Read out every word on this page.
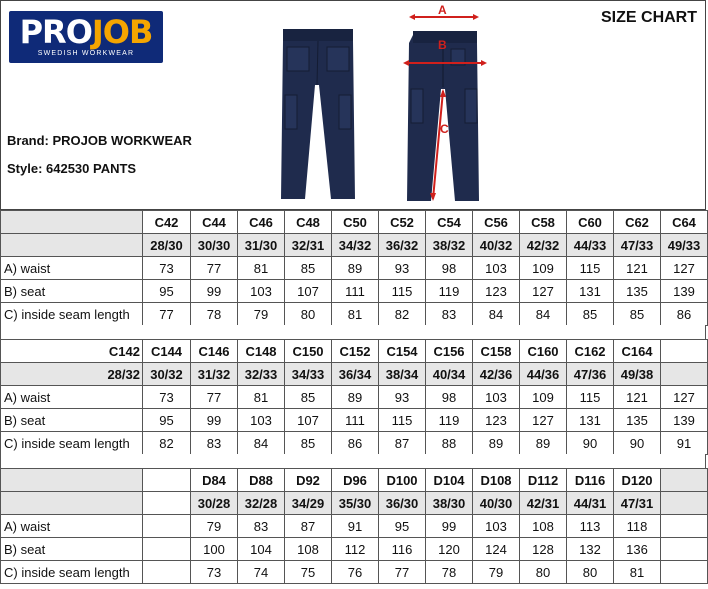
PROJOB
SWEDISH WORKWEAR
A
B
C
SIZE CHART
Brand: PROJOB WORKWEAR
Style: 642530 PANTS
	C42	C44	C46	C48	C50	C52	C54	C56	C58	C60	C62	C64
	28/30	30/30	31/30	32/31	34/32	36/32	38/32	40/32	42/32	44/33	47/33	49/33
A) waist	73	77	81	85	89	93	98	103	109	115	121	127
B) seat	95	99	103	107	111	115	119	123	127	131	135	139
C) inside seam length	77	78	79	80	81	82	83	84	84	85	85	86
C142	C144	C146	C148	C150	C152	C154	C156	C158	C160	C162	C164	
28/32	30/32	31/32	32/33	34/33	36/34	38/34	40/34	42/36	44/36	47/36	49/38	
A) waist	73	77	81	85	89	93	98	103	109	115	121	127
B) seat	95	99	103	107	111	115	119	123	127	131	135	139
C) inside seam length	82	83	84	85	86	87	88	89	89	90	90	91
		D84	D88	D92	D96	D100	D104	D108	D112	D116	D120	
		30/28	32/28	34/29	35/30	36/30	38/30	40/30	42/31	44/31	47/31	
A) waist		79	83	87	91	95	99	103	108	113	118	
B) seat		100	104	108	112	116	120	124	128	132	136	
C) inside seam length		73	74	75	76	77	78	79	80	80	81	
